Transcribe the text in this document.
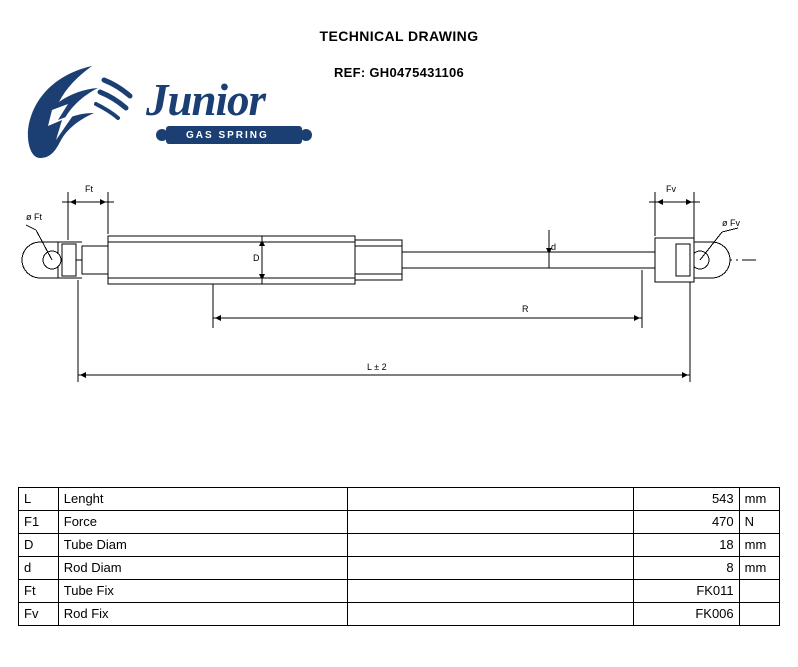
TECHNICAL DRAWING
REF: GH0475431106
Junior
GAS SPRING
Ft	Fv
ø Ft
ø Fv
D
d
R
L ± 2
L	Lenght		543	mm
F1	Force		470	N
D	Tube Diam		18	mm
d	Rod Diam		8	mm
Ft	Tube Fix		FK011	
Fv	Rod Fix		FK006	
